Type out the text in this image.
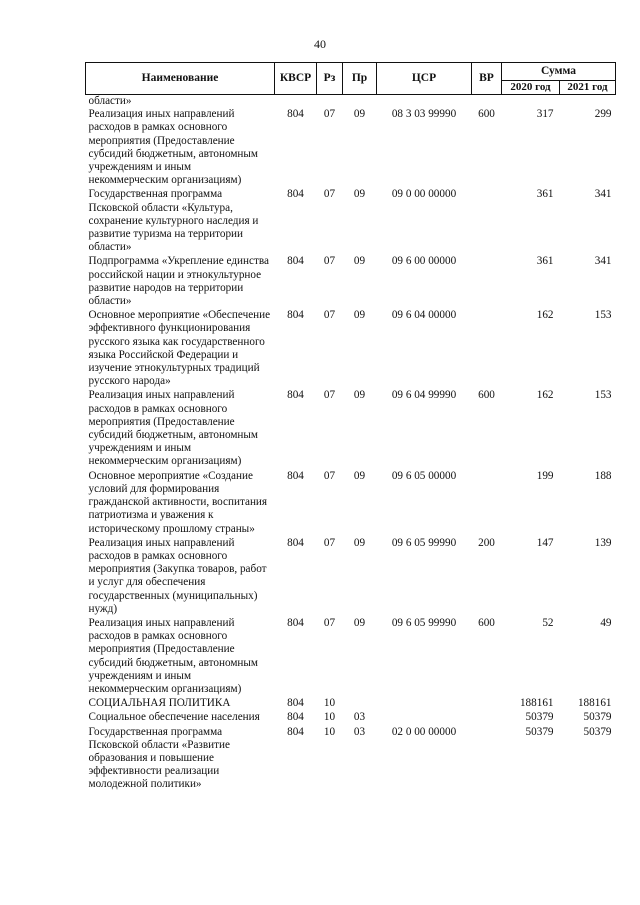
40
Наименование	КВСР	Рз	Пр	ЦСР	ВР	Сумма	
						2020 год	2021 год
области»							
Реализация иных направлений расходов в рамках основного мероприятия (Предоставление субсидий бюджетным, автономным учреждениям и иным некоммерческим организациям)	804	07	09	08 3 03 99990	600	317	299
Государственная программа Псковской области «Культура, сохранение культурного наследия и развитие туризма на территории области»	804	07	09	09 0 00 00000		361	341
Подпрограмма «Укрепление единства российской нации и этнокультурное развитие народов на территории области»	804	07	09	09 6 00 00000		361	341
Основное мероприятие «Обеспечение эффективного функционирования русского языка как государственного языка Российской Федерации и изучение этнокультурных традиций русского народа»	804	07	09	09 6 04 00000		162	153
Реализация иных направлений расходов в рамках основного мероприятия (Предоставление субсидий бюджетным, автономным учреждениям и иным некоммерческим организациям)	804	07	09	09 6 04 99990	600	162	153
Основное мероприятие «Создание условий для формирования гражданской активности, воспитания патриотизма и уважения к историческому прошлому страны»	804	07	09	09 6 05 00000		199	188
Реализация иных направлений расходов в рамках основного мероприятия (Закупка товаров, работ и услуг для обеспечения государственных (муниципальных) нужд)	804	07	09	09 6 05 99990	200	147	139
Реализация иных направлений расходов в рамках основного мероприятия (Предоставление субсидий бюджетным, автономным учреждениям и иным некоммерческим организациям)	804	07	09	09 6 05 99990	600	52	49
СОЦИАЛЬНАЯ ПОЛИТИКА	804	10				188161	188161
Социальное обеспечение населения	804	10	03			50379	50379
Государственная программа Псковской области «Развитие образования и повышение эффективности реализации молодежной политики»	804	10	03	02 0 00 00000		50379	50379
